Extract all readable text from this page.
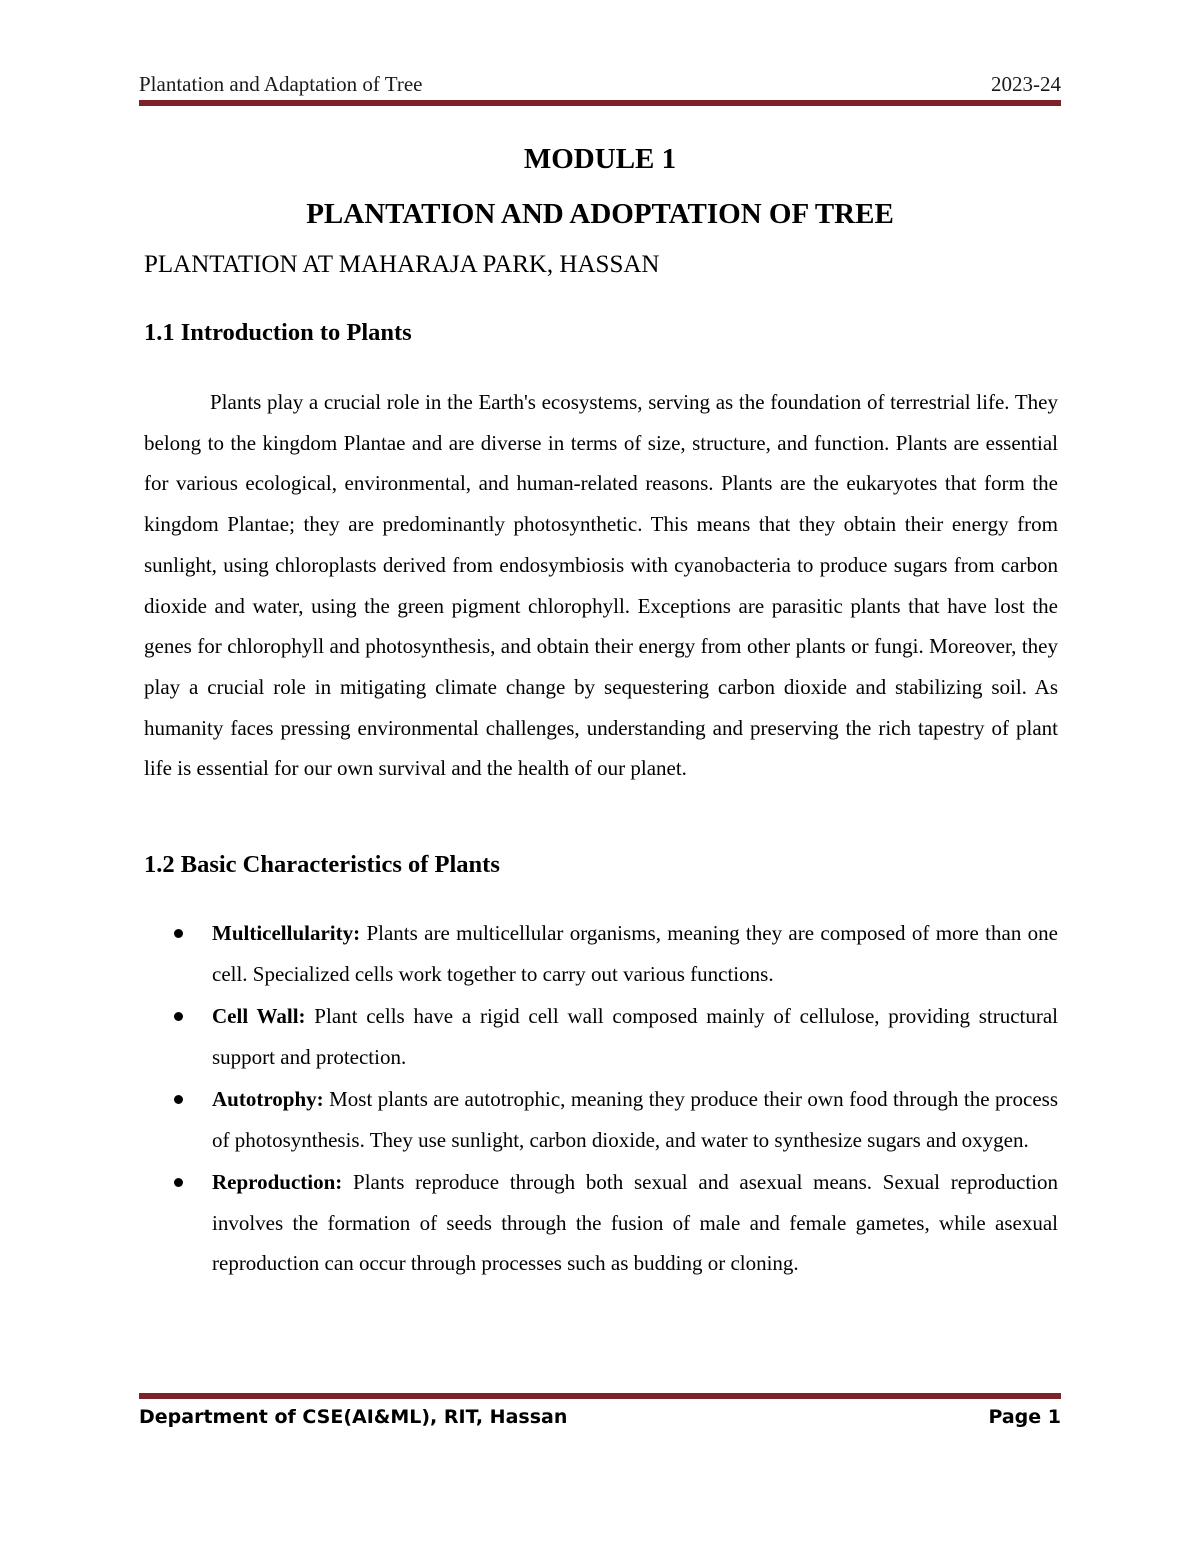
Plantation and Adaptation of Tree	2023-24
MODULE 1
PLANTATION AND ADOPTATION OF TREE
PLANTATION AT MAHARAJA PARK, HASSAN
1.1 Introduction to Plants

Plants play a crucial role in the Earth's ecosystems, serving as the foundation of terrestrial life. They belong to the kingdom Plantae and are diverse in terms of size, structure, and function. Plants are essential for various ecological, environmental, and human-related reasons. Plants are the eukaryotes that form the kingdom Plantae; they are predominantly photosynthetic. This means that they obtain their energy from sunlight, using chloroplasts derived from endosymbiosis with cyanobacteria to produce sugars from carbon dioxide and water, using the green pigment chlorophyll. Exceptions are parasitic plants that have lost the genes for chlorophyll and photosynthesis, and obtain their energy from other plants or fungi. Moreover, they play a crucial role in mitigating climate change by sequestering carbon dioxide and stabilizing soil. As humanity faces pressing environmental challenges, understanding and preserving the rich tapestry of plant life is essential for our own survival and the health of our planet.

1.2 Basic Characteristics of Plants
Multicellularity: Plants are multicellular organisms, meaning they are composed of more than one cell. Specialized cells work together to carry out various functions.
Cell Wall: Plant cells have a rigid cell wall composed mainly of cellulose, providing structural support and protection.
Autotrophy: Most plants are autotrophic, meaning they produce their own food through the process of photosynthesis. They use sunlight, carbon dioxide, and water to synthesize sugars and oxygen.
Reproduction: Plants reproduce through both sexual and asexual means. Sexual reproduction involves the formation of seeds through the fusion of male and female gametes, while asexual reproduction can occur through processes such as budding or cloning.
Department of CSE(AI&ML), RIT, Hassan	Page 1
